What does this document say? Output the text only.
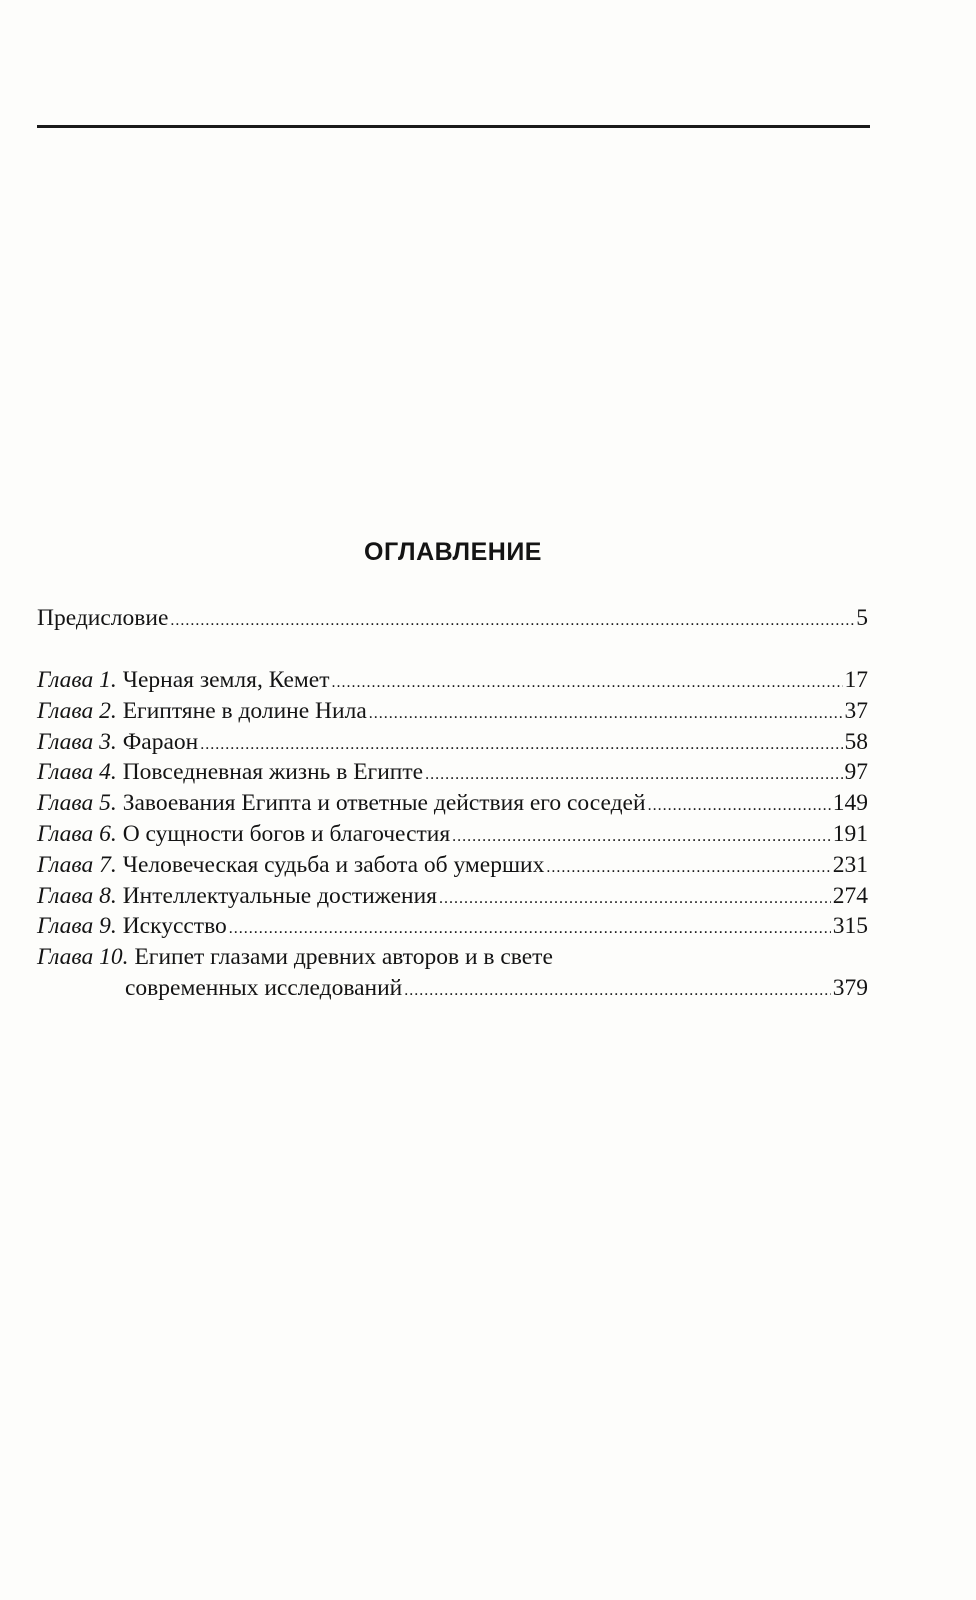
ОГЛАВЛЕНИЕ
Предисловие .....	5
Глава 1. Черная земля, Кемет .....	17
Глава 2. Египтяне в долине Нила .....	37
Глава 3. Фараон .....	58
Глава 4. Повседневная жизнь в Египте .....	97
Глава 5. Завоевания Египта и ответные действия его соседей .....	149
Глава 6. О сущности богов и благочестия .....	191
Глава 7. Человеческая судьба и забота об умерших .....	231
Глава 8. Интеллектуальные достижения .....	274
Глава 9. Искусство .....	315
Глава 10. Египет глазами древних авторов и в свете
современных исследований .....	379
